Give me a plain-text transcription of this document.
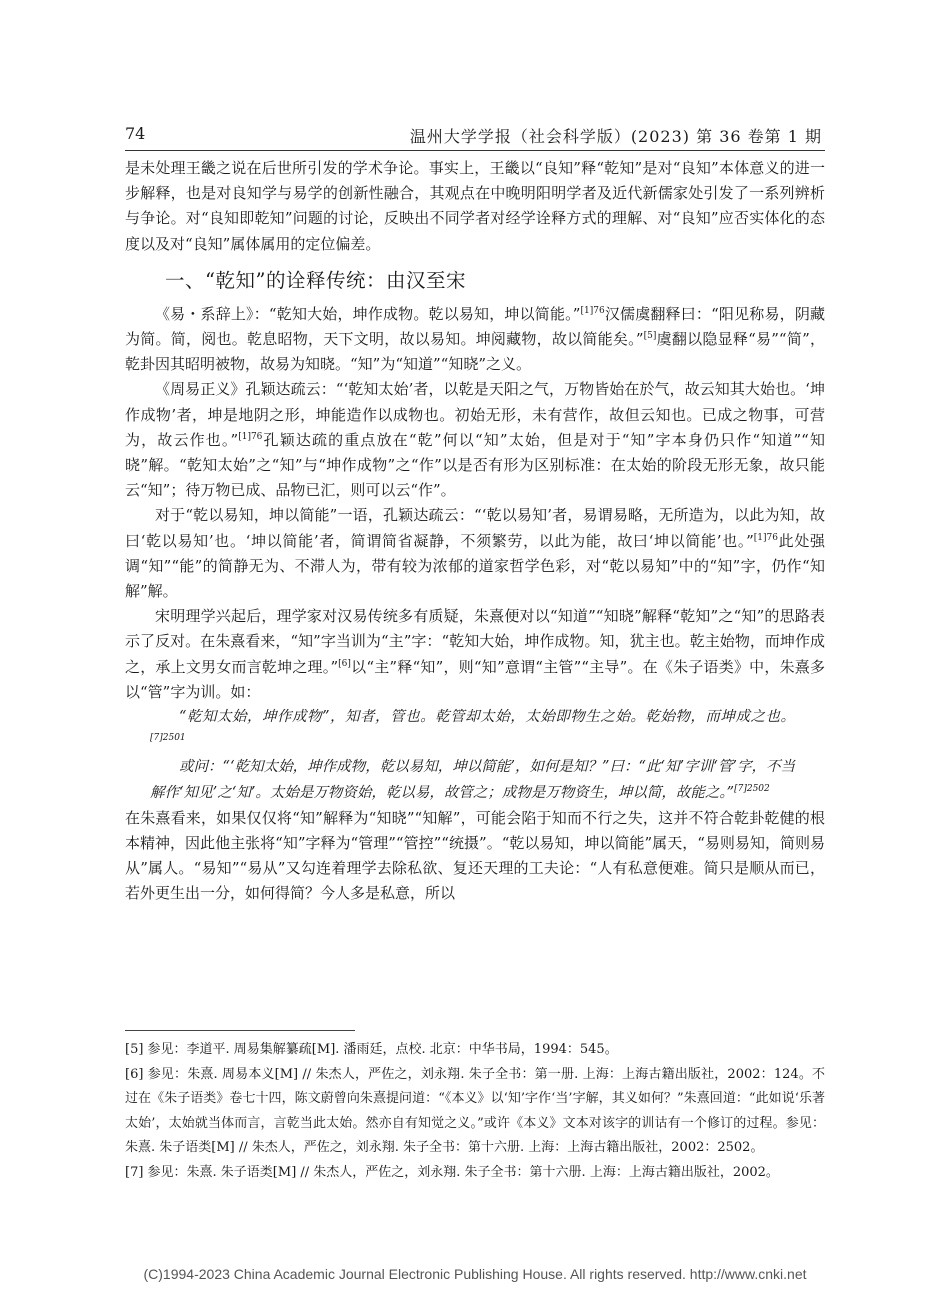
74	温州大学学报（社会科学版）(2023) 第 36 卷第 1 期

是未处理王畿之说在后世所引发的学术争论。事实上，王畿以“良知”释“乾知”是对“良知”本体意义的进一步解释，也是对良知学与易学的创新性融合，其观点在中晚明阳明学者及近代新儒家处引发了一系列辨析与争论。对“良知即乾知”问题的讨论，反映出不同学者对经学诠释方式的理解、对“良知”应否实体化的态度以及对“良知”属体属用的定位偏差。

一、“乾知”的诠释传统：由汉至宋

《易・系辞上》：“乾知大始，坤作成物。乾以易知，坤以简能。”$^{[1]76}$汉儒虞翻释曰：“阳见称易，阴藏为简。简，阅也。乾息昭物，天下文明，故以易知。坤阅藏物，故以简能矣。”[5]虞翻以隐显释“易”“简”，乾卦因其昭明被物，故易为知晓。“知”为“知道”“知晓”之义。

《周易正义》孔颖达疏云：“‘乾知太始’者，以乾是天阳之气，万物皆始在於气，故云知其大始也。‘坤作成物’者，坤是地阴之形，坤能造作以成物也。初始无形，未有营作，故但云知也。已成之物事，可营为，故云作也。”$^{[1]76}$孔颖达疏的重点放在“乾”何以“知”太始，但是对于“知”字本身仍只作“知道”“知晓”解。“乾知太始”之“知”与“坤作成物”之“作”以是否有形为区别标准：在太始的阶段无形无象，故只能云“知”；待万物已成、品物已汇，则可以云“作”。

对于“乾以易知，坤以简能”一语，孔颖达疏云：“‘乾以易知’者，易谓易略，无所造为，以此为知，故曰‘乾以易知’也。‘坤以简能’者，简谓简省凝静，不须繁劳，以此为能，故曰‘坤以简能’也。”$^{[1]76}$此处强调“知”“能”的简静无为、不滞人为，带有较为浓郁的道家哲学色彩，对“乾以易知”中的“知”字，仍作“知解”解。

宋明理学兴起后，理学家对汉易传统多有质疑，朱熹便对以“知道”“知晓”解释“乾知”之“知”的思路表示了反对。在朱熹看来，“知”字当训为“主”字：“乾知大始，坤作成物。知，犹主也。乾主始物，而坤作成之，承上文男女而言乾坤之理。”[6]以“主”释“知”，则“知”意谓“主管”“主导”。在《朱子语类》中，朱熹多以“管”字为训。如：

“乾知太始，坤作成物”，知者，管也。乾管却太始，太始即物生之始。乾始物，而坤成之也。$^{[7]2501}$

或问：“‘乾知太始，坤作成物，乾以易知，坤以简能’，如何是知？”曰：“此‘知’字训‘管’字，不当解作‘知见’之‘知’。太始是万物资始，乾以易，故管之；成物是万物资生，坤以简，故能之。”$^{[7]2502}$

在朱熹看来，如果仅仅将“知”解释为“知晓”“知解”，可能会陷于知而不行之失，这并不符合乾卦乾健的根本精神，因此他主张将“知”字释为“管理”“管控”“统摄”。“乾以易知，坤以简能”属天，“易则易知，简则易从”属人。“易知”“易从”又勾连着理学去除私欲、复还天理的工夫论：“人有私意便难。简只是顺从而已，若外更生出一分，如何得简？今人多是私意，所以

[5] 参见：李道平. 周易集解纂疏[M]. 潘雨廷，点校. 北京：中华书局，1994：545。

[6] 参见：朱熹. 周易本义[M] // 朱杰人，严佐之，刘永翔. 朱子全书：第一册. 上海：上海古籍出版社，2002：124。不过在《朱子语类》卷七十四，陈文蔚曾向朱熹提问道：“《本义》以‘知’字作‘当’字解，其义如何？”朱熹回道：“此如说‘乐著太始’，太始就当体而言，言乾当此太始。然亦自有知觉之义。”或许《本义》文本对该字的训诂有一个修订的过程。参见：朱熹. 朱子语类[M] // 朱杰人，严佐之，刘永翔. 朱子全书：第十六册. 上海：上海古籍出版社，2002：2502。

[7] 参见：朱熹. 朱子语类[M] // 朱杰人，严佐之，刘永翔. 朱子全书：第十六册. 上海：上海古籍出版社，2002。

(C)1994-2023 China Academic Journal Electronic Publishing House. All rights reserved. http://www.cnki.net
